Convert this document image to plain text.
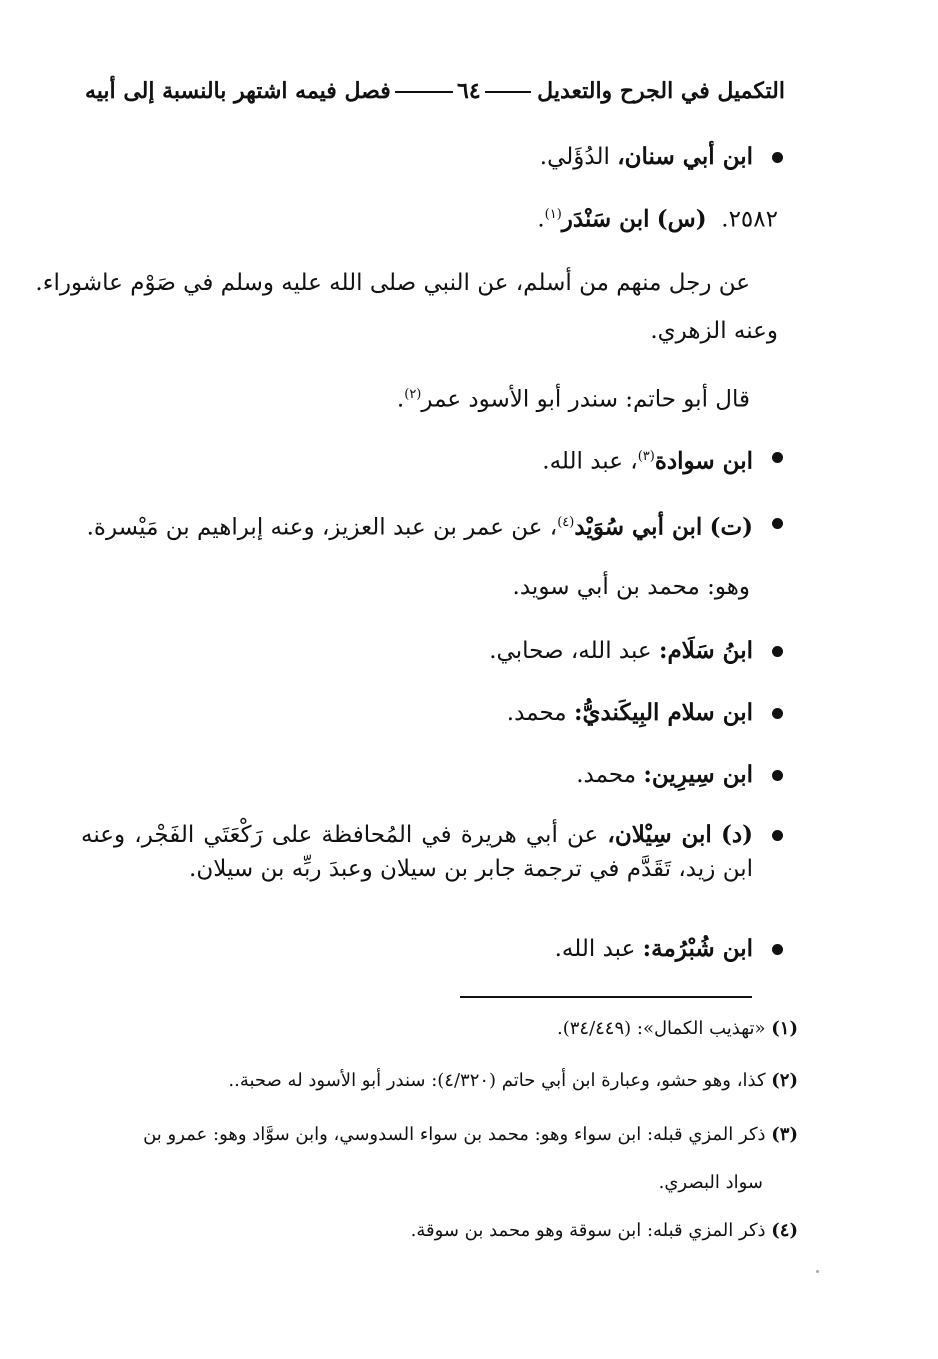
التكميل في الجرح والتعديل
٦٤
فصل فيمه اشتهر بالنسبة إلى أبيه
ابن أبي سنان، الدُؤَلي.
٢٥٨٢.  (س) ابن سَنْدَر$^{(١)}$.
عن رجل منهم من أسلم، عن النبي صلى الله عليه وسلم في صَوْم عاشوراء.
وعنه الزهري.
قال أبو حاتم: سندر أبو الأسود عمر$^{(٢)}$.
ابن سوادة$^{(٣)}$، عبد الله.
(ت) ابن أبي سُوَيْد$^{(٤)}$، عن عمر بن عبد العزيز، وعنه إبراهيم بن مَيْسرة.
وهو: محمد بن أبي سويد.
ابنُ سَلَام: عبد الله، صحابي.
ابن سلام البِيكَنديُّ: محمد.
ابن سِيرِين: محمد.
(د) ابن سِيْلان، عن أبي هريرة في المُحافظة على رَكْعَتَي الفَجْر، وعنه ابن زيد، تَقَدَّم في ترجمة جابر بن سيلان وعبدَ ربِّه بن سيلان.
ابن شُبْرُمة: عبد الله.
(١) «تهذيب الكمال»: (٣٤/٤٤٩).
(٢) كذا، وهو حشو، وعبارة ابن أبي حاتم (٤/٣٢٠): سندر أبو الأسود له صحبة..
(٣) ذكر المزي قبله: ابن سواء وهو: محمد بن سواء السدوسي، وابن سوَّاد وهو: عمرو بن
سواد البصري.
(٤) ذكر المزي قبله: ابن سوقة وهو محمد بن سوقة.
